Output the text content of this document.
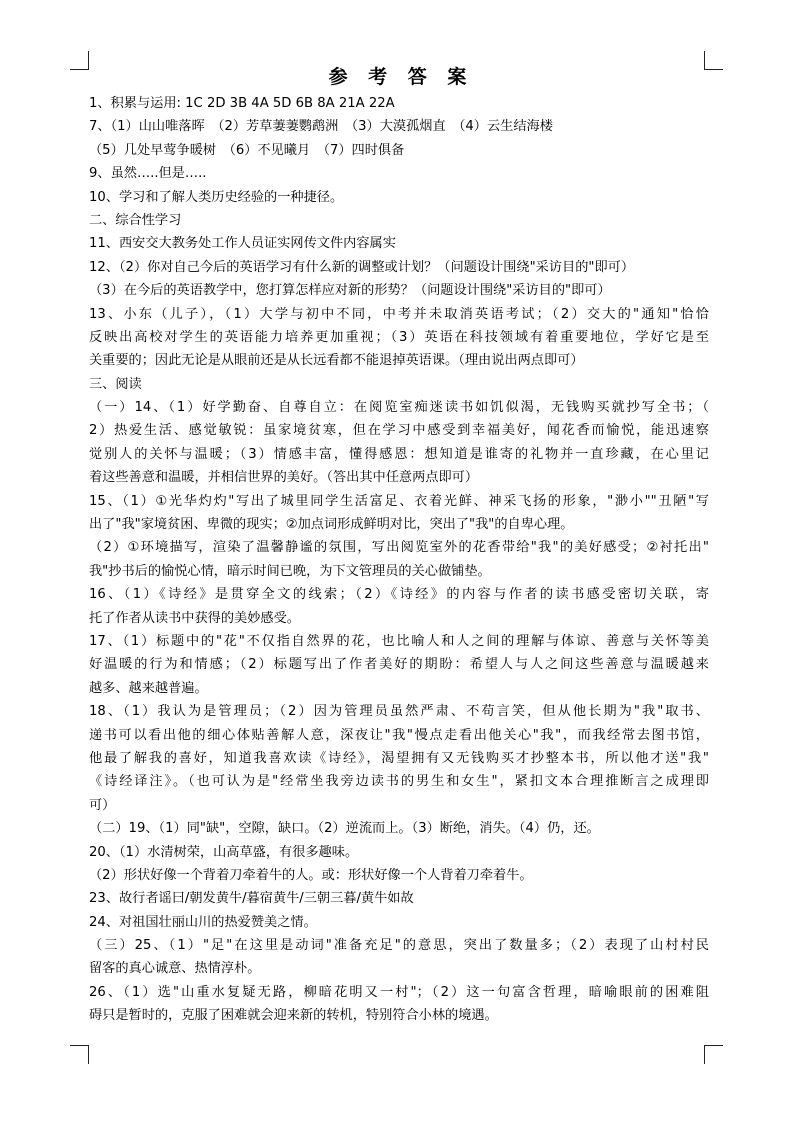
参 考 答 案
1、积累与运用: 1C 2D 3B 4A 5D 6B 8A 21A 22A
7、（1）山山唯落晖　（2）芳草萋萋鹦鹉洲　（3）大漠孤烟直　（4）云生结海楼
（5）几处早莺争暖树　（6）不见曦月　（7）四时俱备
9、虽然…..但是…..
10、学习和了解人类历史经验的一种捷径。
二、综合性学习
11、西安交大教务处工作人员证实网传文件内容属实
12、（2）你对自己今后的英语学习有什么新的调整或计划？（问题设计围绕"采访目的"即可）
（3）在今后的英语教学中，您打算怎样应对新的形势？（问题设计围绕"采访目的"即可）
13、小东（儿子），（1）大学与初中不同，中考并未取消英语考试；（2）交大的"通知"恰恰
反映出高校对学生的英语能力培养更加重视；（3）英语在科技领域有着重要地位，学好它是至
关重要的；因此无论是从眼前还是从长远看都不能退掉英语课。（理由说出两点即可）
三、阅读
（一）14、（1）好学勤奋、自尊自立：在阅览室痴迷读书如饥似渴，无钱购买就抄写全书；（
2）热爱生活、感觉敏锐：虽家境贫寒，但在学习中感受到幸福美好，闻花香而愉悦，能迅速察
觉别人的关怀与温暖；（3）情感丰富，懂得感恩：想知道是谁寄的礼物并一直珍藏，在心里记
着这些善意和温暖，并相信世界的美好。（答出其中任意两点即可）
15、（1）①光华灼灼"写出了城里同学生活富足、衣着光鲜、神采飞扬的形象，"渺小""丑陋"写
出了"我"家境贫困、卑微的现实；②加点词形成鲜明对比，突出了"我"的自卑心理。
（2）①环境描写，渲染了温馨静谧的氛围，写出阅览室外的花香带给"我"的美好感受；②衬托出"
我"抄书后的愉悦心情，暗示时间已晚，为下文管理员的关心做铺垫。
16、（1）《诗经》是贯穿全文的线索；（2）《诗经》的内容与作者的读书感受密切关联，寄
托了作者从读书中获得的美妙感受。
17、（1）标题中的"花"不仅指自然界的花，也比喻人和人之间的理解与体谅、善意与关怀等美
好温暖的行为和情感；（2）标题写出了作者美好的期盼：希望人与人之间这些善意与温暖越来
越多、越来越普遍。
18、（1）我认为是管理员；（2）因为管理员虽然严肃、不苟言笑，但从他长期为"我"取书、
递书可以看出他的细心体贴善解人意，深夜让"我"慢点走看出他关心"我"，而我经常去图书馆，
他最了解我的喜好，知道我喜欢读《诗经》，渴望拥有又无钱购买才抄整本书，所以他才送"我"
《诗经译注》。（也可认为是"经常坐我旁边读书的男生和女生"，紧扣文本合理推断言之成理即
可）
（二）19、（1）同"缺"，空隙，缺口。（2）逆流而上。（3）断绝，消失。（4）仍，还。
20、（1）水清树荣，山高草盛，有很多趣味。
（2）形状好像一个背着刀牵着牛的人。或：形状好像一个人背着刀牵着牛。
23、故行者谣曰/朝发黄牛/暮宿黄牛/三朝三暮/黄牛如故
24、对祖国壮丽山川的热爱赞美之情。
（三）25、（1）"足"在这里是动词"准备充足"的意思，突出了数量多；（2）表现了山村村民
留客的真心诚意、热情淳朴。
26、（1）选"山重水复疑无路，柳暗花明又一村"；（2）这一句富含哲理，暗喻眼前的困难阻
碍只是暂时的，克服了困难就会迎来新的转机，特别符合小林的境遇。
